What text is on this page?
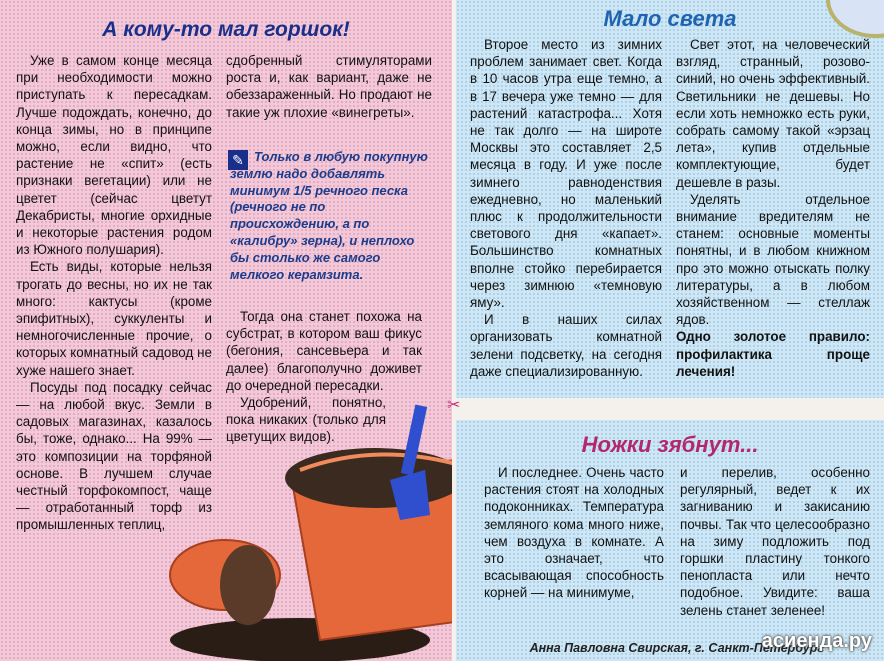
А кому-то мал горшок!

Уже в самом конце месяца при необходимости можно приступать к пересадкам. Лучше подождать, конечно, до конца зимы, но в принципе можно, если видно, что растение не «спит» (есть признаки вегетации) или не цветет (сейчас цветут Декабристы, многие орхидные и некоторые растения родом из Южного полушария).

Есть виды, которые нельзя трогать до весны, но их не так много: кактусы (кроме эпифитных), суккуленты и немногочисленные прочие, о которых комнатный садовод не хуже нашего знает.

Посуды под посадку сейчас — на любой вкус. Земли в садовых магазинах, казалось бы, тоже, однако... На 99% — это композиции на торфяной основе. В лучшем случае честный торфокомпост, чаще — отработанный торф из промышленных теплиц,

сдобренный стимуляторами роста и, как вариант, даже не обеззараженный. Но продают не такие уж плохие «винегреты».

✎ Только в любую покупную землю надо добавлять минимум 1/5 речного песка (речного не по происхождению, а по «калибру» зерна), и неплохо бы столько же самого мелкого керамзита.

Тогда она станет похожа на субстрат, в котором ваш фикус (бегония, сансевьера и так далее) благополучно доживет до очередной пересадки.

Удобрений, понятно, пока никаких (только для цветущих видов).

Мало света

Второе место из зимних проблем занимает свет. Когда в 10 часов утра еще темно, а в 17 вечера уже темно — для растений катастрофа... Хотя не так долго — на широте Москвы это составляет 2,5 месяца в году. И уже после зимнего равноденствия ежедневно, но маленький плюс к продолжительности светового дня «капает». Большинство комнатных вполне стойко перебирается через зимнюю «темновую яму».

И в наших силах организовать комнатной зелени подсветку, на сегодня даже специализированную.

Свет этот, на человеческий взгляд, странный, розово-синий, но очень эффективный. Светильники не дешевы. Но если хоть немножко есть руки, собрать самому такой «эрзац лета», купив отдельные комплектующие, будет дешевле в разы.

Уделять отдельное внимание вредителям не станем: основные моменты понятны, и в любом книжном про это можно отыскать полку литературы, а в любом хозяйственном — стеллаж ядов.

Одно золотое правило: профилактика проще лечения!

✂
Ножки зябнут...

И последнее. Очень часто растения стоят на холодных подоконниках. Температура земляного кома много ниже, чем воздуха в комнате. А это означает, что всасывающая способность корней — на минимуме,

и перелив, особенно регулярный, ведет к их загниванию и закисанию почвы. Так что целесообразно на зиму подложить под горшки пластину тонкого пенопласта или нечто подобное. Увидите: ваша зелень станет зеленее!

Анна Павловна Свирская, г. Санкт-Петербург
асиенда.ру
